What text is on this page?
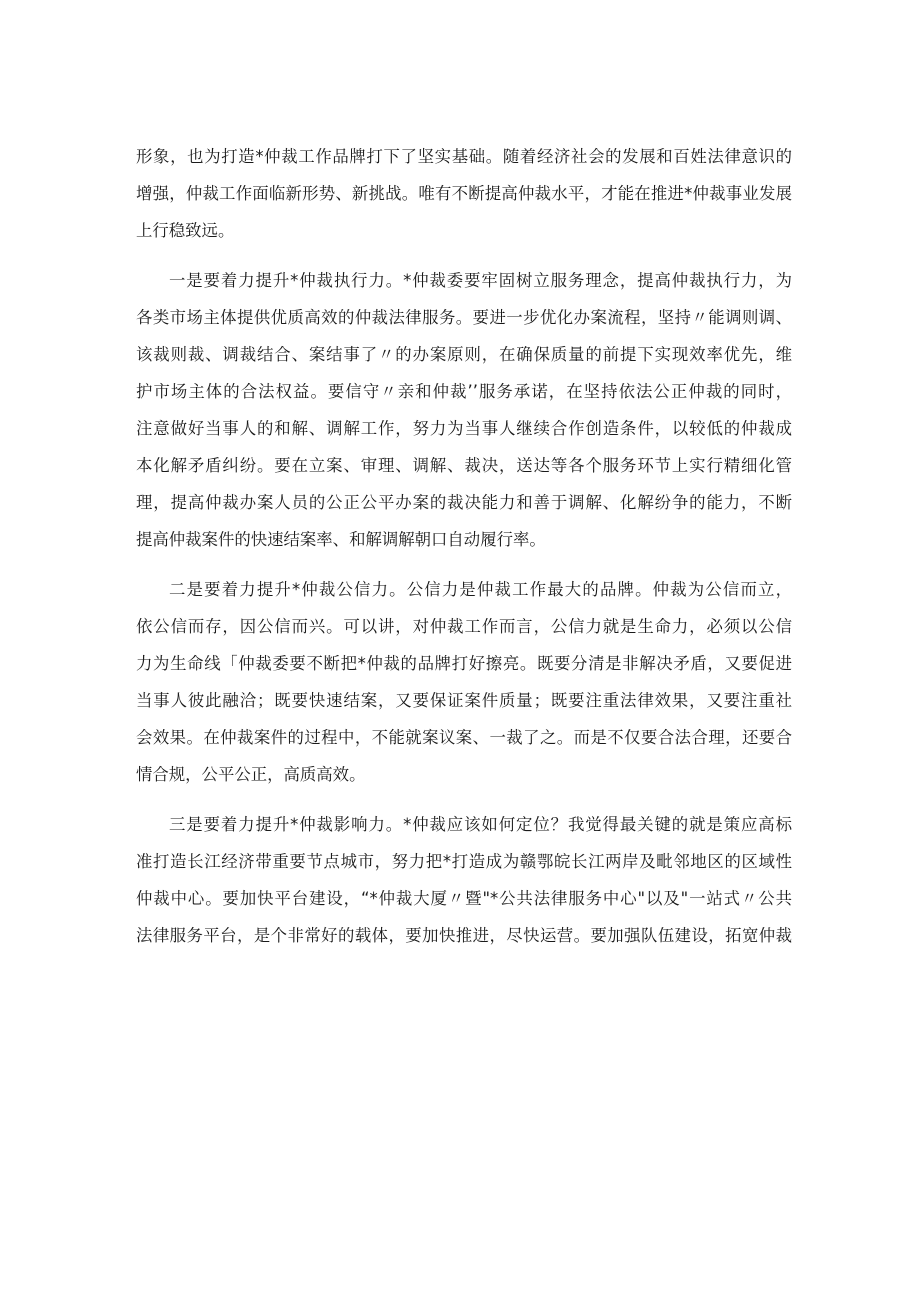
形象，也为打造*仲裁工作品牌打下了坚实基础。随着经济社会的发展和百姓法律意识的
增强，仲裁工作面临新形势、新挑战。唯有不断提高仲裁水平，才能在推进*仲裁事业发展
上行稳致远。
一是要着力提升*仲裁执行力。*仲裁委要牢固树立服务理念，提高仲裁执行力，为
各类市场主体提供优质高效的仲裁法律服务。要进一步优化办案流程，坚持〃能调则调、
该裁则裁、调裁结合、案结事了〃的办案原则，在确保质量的前提下实现效率优先，维
护市场主体的合法权益。要信守〃亲和仲裁’’服务承诺，在坚持依法公正仲裁的同时，
注意做好当事人的和解、调解工作，努力为当事人继续合作创造条件，以较低的仲裁成
本化解矛盾纠纷。要在立案、审理、调解、裁决，送达等各个服务环节上实行精细化管
理，提高仲裁办案人员的公正公平办案的裁决能力和善于调解、化解纷争的能力，不断
提高仲裁案件的快速结案率、和解调解朝口自动履行率。
二是要着力提升*仲裁公信力。公信力是仲裁工作最大的品牌。仲裁为公信而立，
依公信而存，因公信而兴。可以讲，对仲裁工作而言，公信力就是生命力，必须以公信
力为生命线「仲裁委要不断把*仲裁的品牌打好擦亮。既要分清是非解决矛盾，又要促进
当事人彼此融洽；既要快速结案，又要保证案件质量；既要注重法律效果，又要注重社
会效果。在仲裁案件的过程中，不能就案议案、一裁了之。而是不仅要合法合理，还要合
情合规，公平公正，高质高效。
三是要着力提升*仲裁影响力。*仲裁应该如何定位？我觉得最关键的就是策应高标
准打造长江经济带重要节点城市，努力把*打造成为赣鄂皖长江两岸及毗邻地区的区域性
仲裁中心。要加快平台建设，“*仲裁大厦〃暨"*公共法律服务中心"以及"一站式〃公共
法律服务平台，是个非常好的载体，要加快推进，尽快运营。要加强队伍建设，拓宽仲裁
